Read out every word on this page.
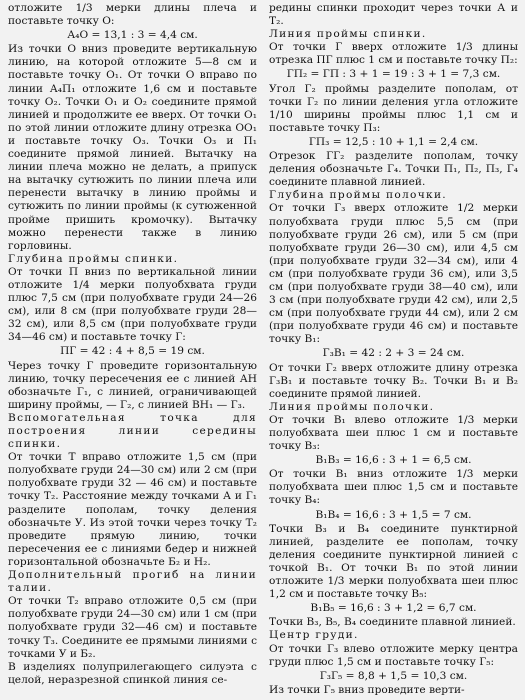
отложите 1/3 мерки длины плеча и поставьте точку О:

А₄О = 13,1 : 3 = 4,4 см.

Из точки О вниз проведите вертикальную линию, на которой отложите 5—8 см и поставьте точку О₁. От точки О вправо по линии А₄П₁ отложите 1,6 см и поставьте точку О₂. Точки О₁ и О₂ соедините прямой линией и продолжите ее вверх. От точки О₁ по этой линии отложите длину отрезка ОО₁ и поставьте точку О₃. Точки О₃ и П₁ соедините прямой линией. Вытачку на линии плеча можно не делать, а припуск на вытачку сутюжить по линии плеча или перенести вытачку в линию проймы и сутюжить по линии проймы (к сутюженной пройме пришить кромочку). Вытачку можно перенести также в линию горловины.

Глубина проймы спинки.

От точки П вниз по вертикальной линии отложите 1/4 мерки полуобхвата груди плюс 7,5 см (при полуобхвате груди 24—26 см), или 8 см (при полуобхвате груди 28—32 см), или 8,5 см (при полуобхвате груди 34—46 см) и поставьте точку Г:

ПГ = 42 : 4 + 8,5 = 19 см.

Через точку Г проведите горизонтальную линию, точку пересечения ее с линией АН обозначьте Г₁, с линией, ограничивающей ширину проймы, — Г₂, с линией ВН₁ — Г₃.

Вспомогательная точка для построения линии середины спинки.

От точки Т вправо отложите 1,5 см (при полуобхвате груди 24—30 см) или 2 см (при полуобхвате груди 32 — 46 см) и поставьте точку Т₂. Расстояние между точками А и Г₁ разделите пополам, точку деления обозначьте У. Из этой точки через точку Т₂ проведите прямую линию, точки пересечения ее с линиями бедер и нижней горизонтальной обозначьте Б₂ и Н₂.

Дополнительный прогиб на линии талии.

От точки Т₂ вправо отложите 0,5 см (при полуобхвате груди 24—30 см) или 1 см (при полуобхвате груди 32—46 см) и поставьте точку Т₃. Соедините ее прямыми линиями с точками У и Б₂.

В изделиях полуприлегающего силуэта с целой, неразрезной спинкой линия се-

редины спинки проходит через точки А и Т₂.

Линия проймы спинки.

От точки Г вверх отложите 1/3 длины отрезка ПГ плюс 1 см и поставьте точку П₂:

ГП₂ = ГП : 3 + 1 = 19 : 3 + 1 = 7,3 см.

Угол Г₂ проймы разделите пополам, от точки Г₂ по линии деления угла отложите 1/10 ширины проймы плюс 1,1 см и поставьте точку П₃:

ГП₃ = 12,5 : 10 + 1,1 = 2,4 см.

Отрезок ГГ₂ разделите пополам, точку деления обозначьте Г₄. Точки П₁, П₂, П₃, Г₄ соедините плавной линией.

Глубина проймы полочки.

От точки Г₃ вверх отложите 1/2 мерки полуобхвата груди плюс 5,5 см (при полуобхвате груди 26 см), или 5 см (при полуобхвате груди 26—30 см), или 4,5 см (при полуобхвате груди 32—34 см), или 4 см (при полуобхвате груди 36 см), или 3,5 см (при полуобхвате груди 38—40 см), или 3 см (при полуобхвате груди 42 см), или 2,5 см (при полуобхвате груди 44 см), или 2 см (при полуобхвате груди 46 см) и поставьте точку В₁:

Г₃В₁ = 42 : 2 + 3 = 24 см.

От точки Г₂ вверх отложите длину отрезка Г₃В₁ и поставьте точку В₂. Точки В₁ и В₂ соедините прямой линией.

Линия проймы полочки.

От точки В₁ влево отложите 1/3 мерки полуобхвата шеи плюс 1 см и поставьте точку В₃:

В₁В₃ = 16,6 : 3 + 1 = 6,5 см.

От точки В₁ вниз отложите 1/3 мерки полуобхвата шеи плюс 1,5 см и поставьте точку В₄:

В₁В₄ = 16,6 : 3 + 1,5 = 7 см.

Точки В₃ и В₄ соедините пунктирной линией, разделите ее пополам, точку деления соедините пунктирной линией с точкой В₁. От точки В₁ по этой линии отложите 1/3 мерки полуобхвата шеи плюс 1,2 см и поставьте точку В₅:

В₁В₅ = 16,6 : 3 + 1,2 = 6,7 см.

Точки В₃, В₅, В₄ соедините плавной линией.

Центр груди.

От точки Г₃ влево отложите мерку центра груди плюс 1,5 см и поставьте точку Г₅:

Г₃Г₅ = 8,8 + 1,5 = 10,3 см.

Из точки Г₅ вниз проведите верти-
